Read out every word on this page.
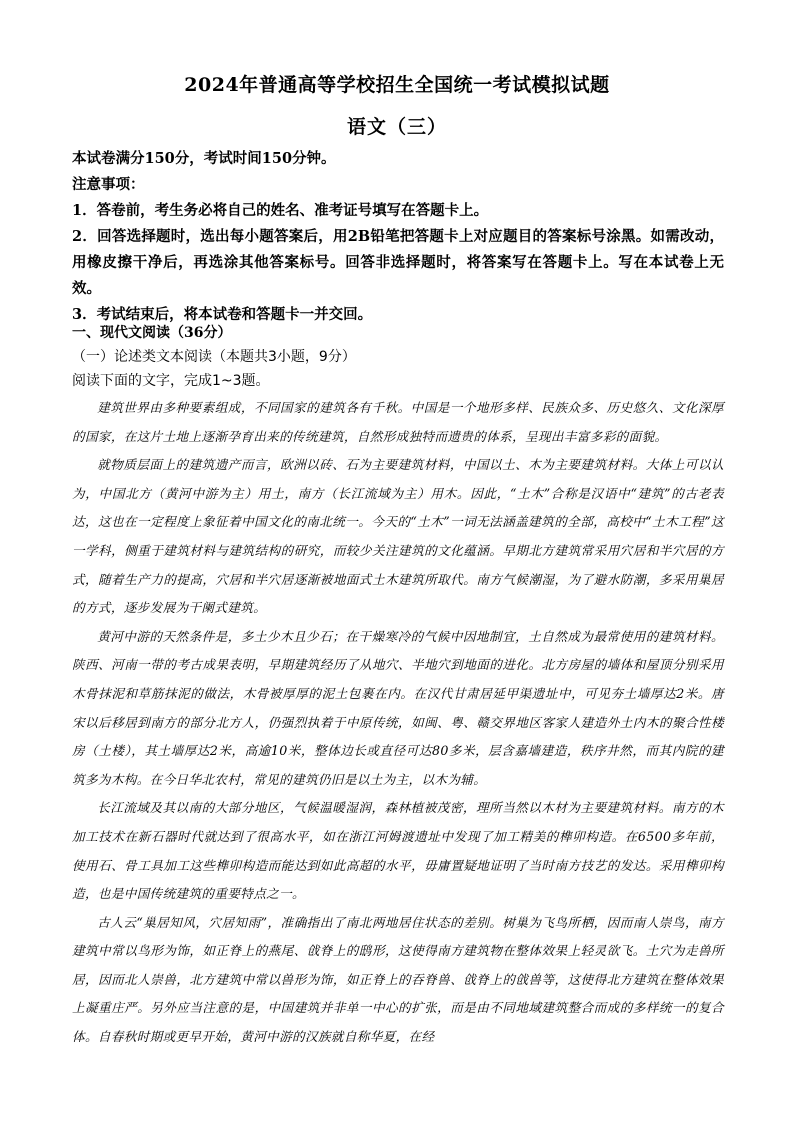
2024年普通高等学校招生全国统一考试模拟试题
语文（三）

本试卷满分150分，考试时间150分钟。

注意事项：

1．答卷前，考生务必将自己的姓名、准考证号填写在答题卡上。

2．回答选择题时，选出每小题答案后，用2B铅笔把答题卡上对应题目的答案标号涂黑。如需改动，用橡皮擦干净后，再选涂其他答案标号。回答非选择题时，将答案写在答题卡上。写在本试卷上无效。

3．考试结束后，将本试卷和答题卡一并交回。

一、现代文阅读（36分）

（一）论述类文本阅读（本题共3小题，9分）

阅读下面的文字，完成1~3题。

建筑世界由多种要素组成，不同国家的建筑各有千秋。中国是一个地形多样、民族众多、历史悠久、文化深厚的国家，在这片土地上逐渐孕育出来的传统建筑，自然形成独特而遗贵的体系，呈现出丰富多彩的面貌。

就物质层面上的建筑遗产而言，欧洲以砖、石为主要建筑材料，中国以土、木为主要建筑材料。大体上可以认为，中国北方（黄河中游为主）用土，南方（长江流域为主）用木。因此，“土木”合称是汉语中“建筑”的古老表达，这也在一定程度上象征着中国文化的南北统一。今天的“土木”一词无法涵盖建筑的全部，高校中“土木工程”这一学科，侧重于建筑材料与建筑结构的研究，而较少关注建筑的文化蕴涵。早期北方建筑常采用穴居和半穴居的方式，随着生产力的提高，穴居和半穴居逐渐被地面式土木建筑所取代。南方气候潮湿，为了避水防潮，多采用巢居的方式，逐步发展为干阑式建筑。

黄河中游的天然条件是，多土少木且少石；在干燥寒冷的气候中因地制宜，土自然成为最常使用的建筑材料。陕西、河南一带的考古成果表明，早期建筑经历了从地穴、半地穴到地面的进化。北方房屋的墙体和屋顶分别采用木骨抹泥和草筋抹泥的做法，木骨被厚厚的泥土包裹在内。在汉代甘肃居延甲渠遗址中，可见夯土墙厚达2米。唐宋以后移居到南方的部分北方人，仍强烈执着于中原传统，如闽、粤、赣交界地区客家人建造外土内木的聚合性楼房（土楼），其土墙厚达2米，高逾10米，整体边长或直径可达80多米，层含嘉墙建造，秩序井然，而其内院的建筑多为木构。在今日华北农村，常见的建筑仍旧是以土为主，以木为辅。

长江流域及其以南的大部分地区，气候温暖湿润，森林植被茂密，理所当然以木材为主要建筑材料。南方的木加工技术在新石器时代就达到了很高水平，如在浙江河姆渡遗址中发现了加工精美的榫卯构造。在6500多年前，使用石、骨工具加工这些榫卯构造而能达到如此高超的水平，毋庸置疑地证明了当时南方技艺的发达。采用榫卯构造，也是中国传统建筑的重要特点之一。

古人云“巢居知风，穴居知雨”，准确指出了南北两地居住状态的差别。树巢为飞鸟所栖，因而南人崇鸟，南方建筑中常以鸟形为饰，如正脊上的燕尾、戗脊上的鸱形，这使得南方建筑物在整体效果上轻灵欲飞。土穴为走兽所居，因而北人崇兽，北方建筑中常以兽形为饰，如正脊上的吞脊兽、戗脊上的戗兽等，这使得北方建筑在整体效果上凝重庄严。另外应当注意的是，中国建筑并非单一中心的扩张，而是由不同地域建筑整合而成的多样统一的复合体。自春秋时期或更早开始，黄河中游的汉族就自称华夏，在经
